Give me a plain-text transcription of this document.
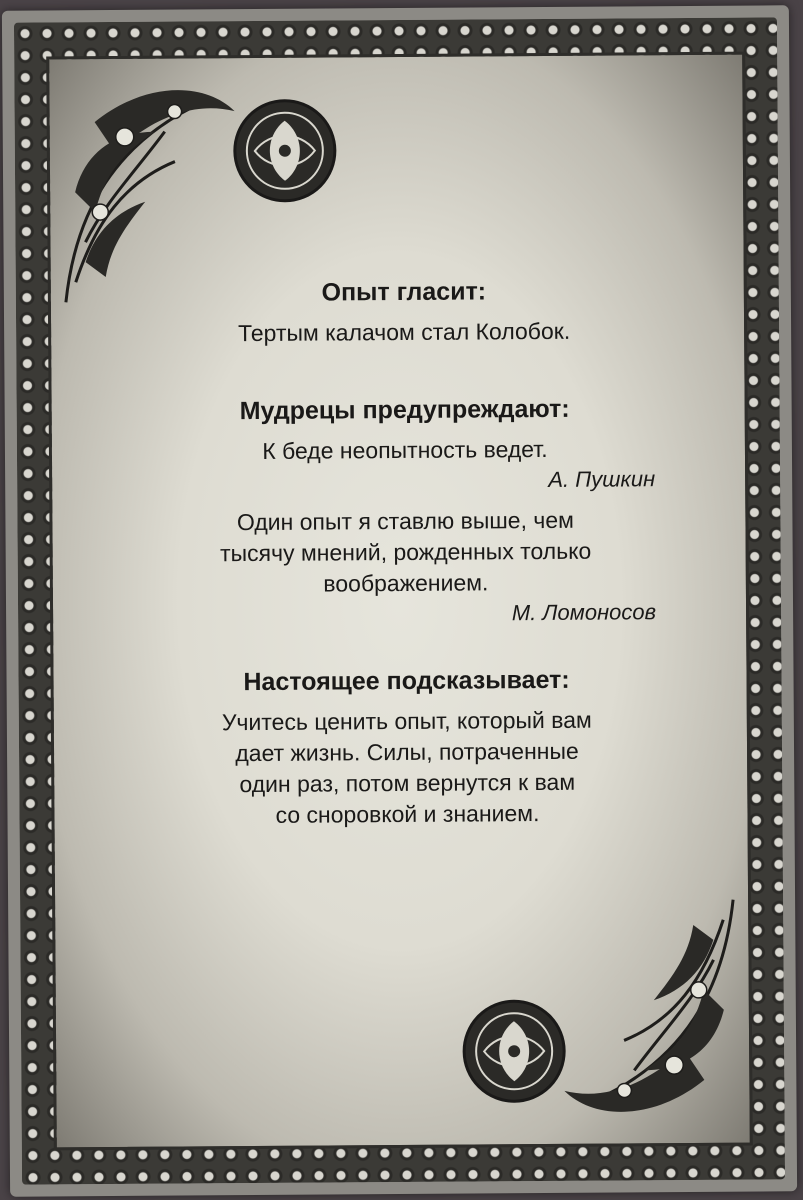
Опыт гласит:

Тертым калачом стал Колобок.

Мудрецы предупреждают:

К беде неопытность ведет.

А. Пушкин

Один опыт я ставлю выше, чем

тысячу мнений, рожденных только

воображением.

М. Ломоносов

Настоящее подсказывает:

Учитесь ценить опыт, который вам

дает жизнь. Силы, потраченные

один раз, потом вернутся к вам

со сноровкой и знанием.
